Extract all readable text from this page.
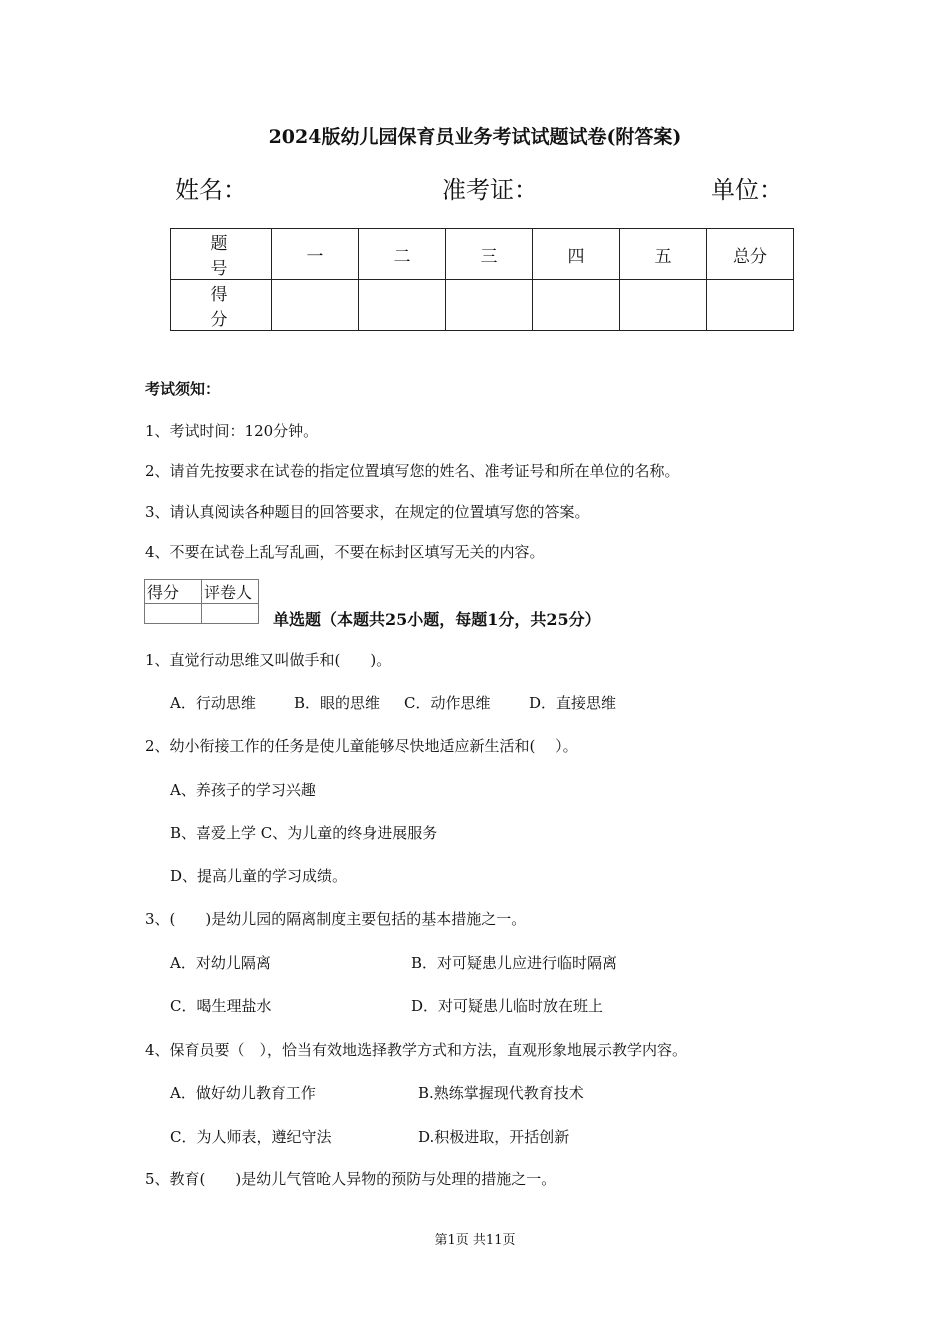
2024版幼儿园保育员业务考试试题试卷(附答案)
姓名：	准考证：	单位：
题　号	一	二	三	四	五	总分
得　分						
考试须知：
1、考试时间：120分钟。
2、请首先按要求在试卷的指定位置填写您的姓名、准考证号和所在单位的名称。
3、请认真阅读各种题目的回答要求，在规定的位置填写您的答案。
4、不要在试卷上乱写乱画，不要在标封区填写无关的内容。
得分	评卷人

单选题（本题共25小题，每题1分，共25分）
1、直觉行动思维又叫做手和(　　)。
A．行动思维	B．眼的思维 C．动作思维	D．直接思维
2、幼小衔接工作的任务是使儿童能够尽快地适应新生活和(　 ）。
A、养孩子的学习兴趣
B、喜爱上学 C、为儿童的终身进展服务
D、提高儿童的学习成绩。
3、(　　)是幼儿园的隔离制度主要包括的基本措施之一。
A．对幼儿隔离	B．对可疑患儿应进行临时隔离
C．喝生理盐水	D．对可疑患儿临时放在班上
4、保育员要（　），恰当有效地选择教学方式和方法，直观形象地展示教学内容。
A．做好幼儿教育工作	B.熟练掌握现代教育技术
C．为人师表，遵纪守法	D.积极进取，开括创新
5、教育(　　)是幼儿气管呛人异物的预防与处理的措施之一。
第1页 共11页
